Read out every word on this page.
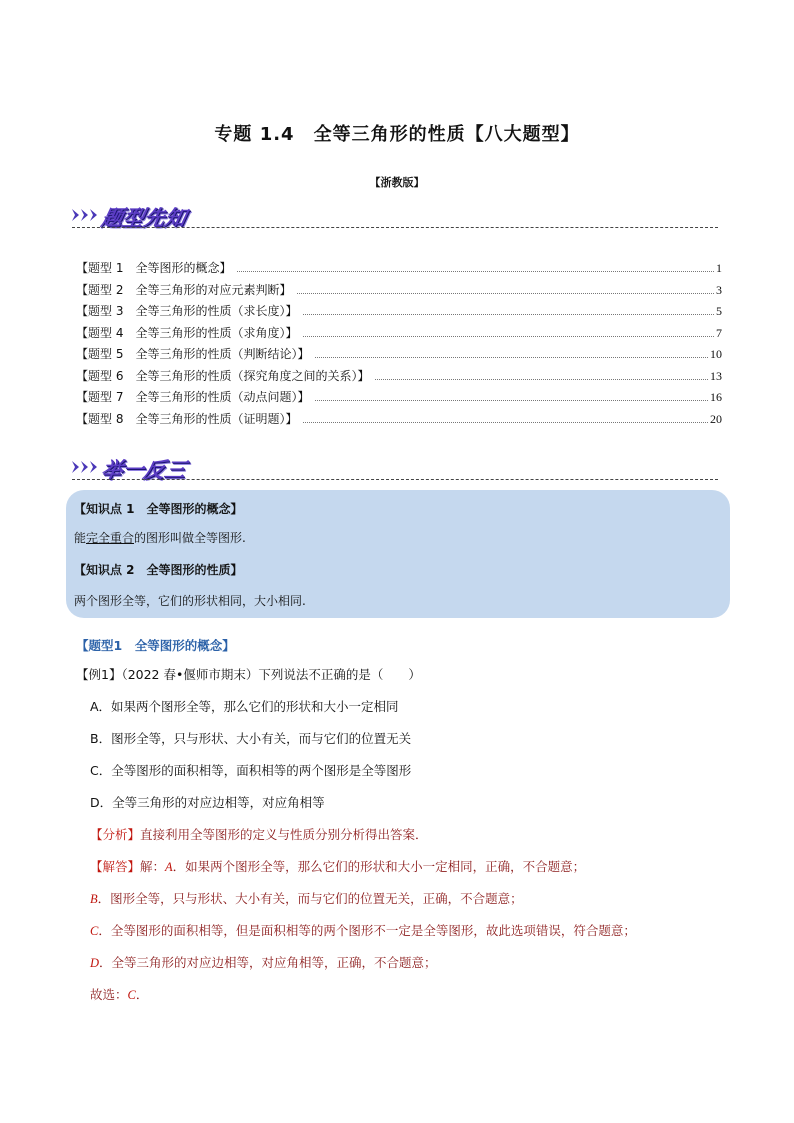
专题 1.4　全等三角形的性质【八大题型】
【浙教版】
题型先知
【题型 1　全等图形的概念】	1
【题型 2　全等三角形的对应元素判断】	3
【题型 3　全等三角形的性质（求长度）】	5
【题型 4　全等三角形的性质（求角度）】	7
【题型 5　全等三角形的性质（判断结论）】	10
【题型 6　全等三角形的性质（探究角度之间的关系）】	13
【题型 7　全等三角形的性质（动点问题）】	16
【题型 8　全等三角形的性质（证明题）】	20
举一反三
【知识点 1　全等图形的概念】
能完全重合的图形叫做全等图形.
【知识点 2　全等图形的性质】
两个图形全等，它们的形状相同，大小相同.
【题型1　全等图形的概念】
【例1】（2022 春•偃师市期末）下列说法不正确的是（　　）
A．如果两个图形全等，那么它们的形状和大小一定相同
B．图形全等，只与形状、大小有关，而与它们的位置无关
C．全等图形的面积相等，面积相等的两个图形是全等图形
D．全等三角形的对应边相等，对应角相等
【分析】直接利用全等图形的定义与性质分别分析得出答案．
【解答】解：A．如果两个图形全等，那么它们的形状和大小一定相同，正确，不合题意；
B．图形全等，只与形状、大小有关，而与它们的位置无关，正确，不合题意；
C．全等图形的面积相等，但是面积相等的两个图形不一定是全等图形，故此选项错误，符合题意；
D．全等三角形的对应边相等，对应角相等，正确，不合题意；
故选：C．
